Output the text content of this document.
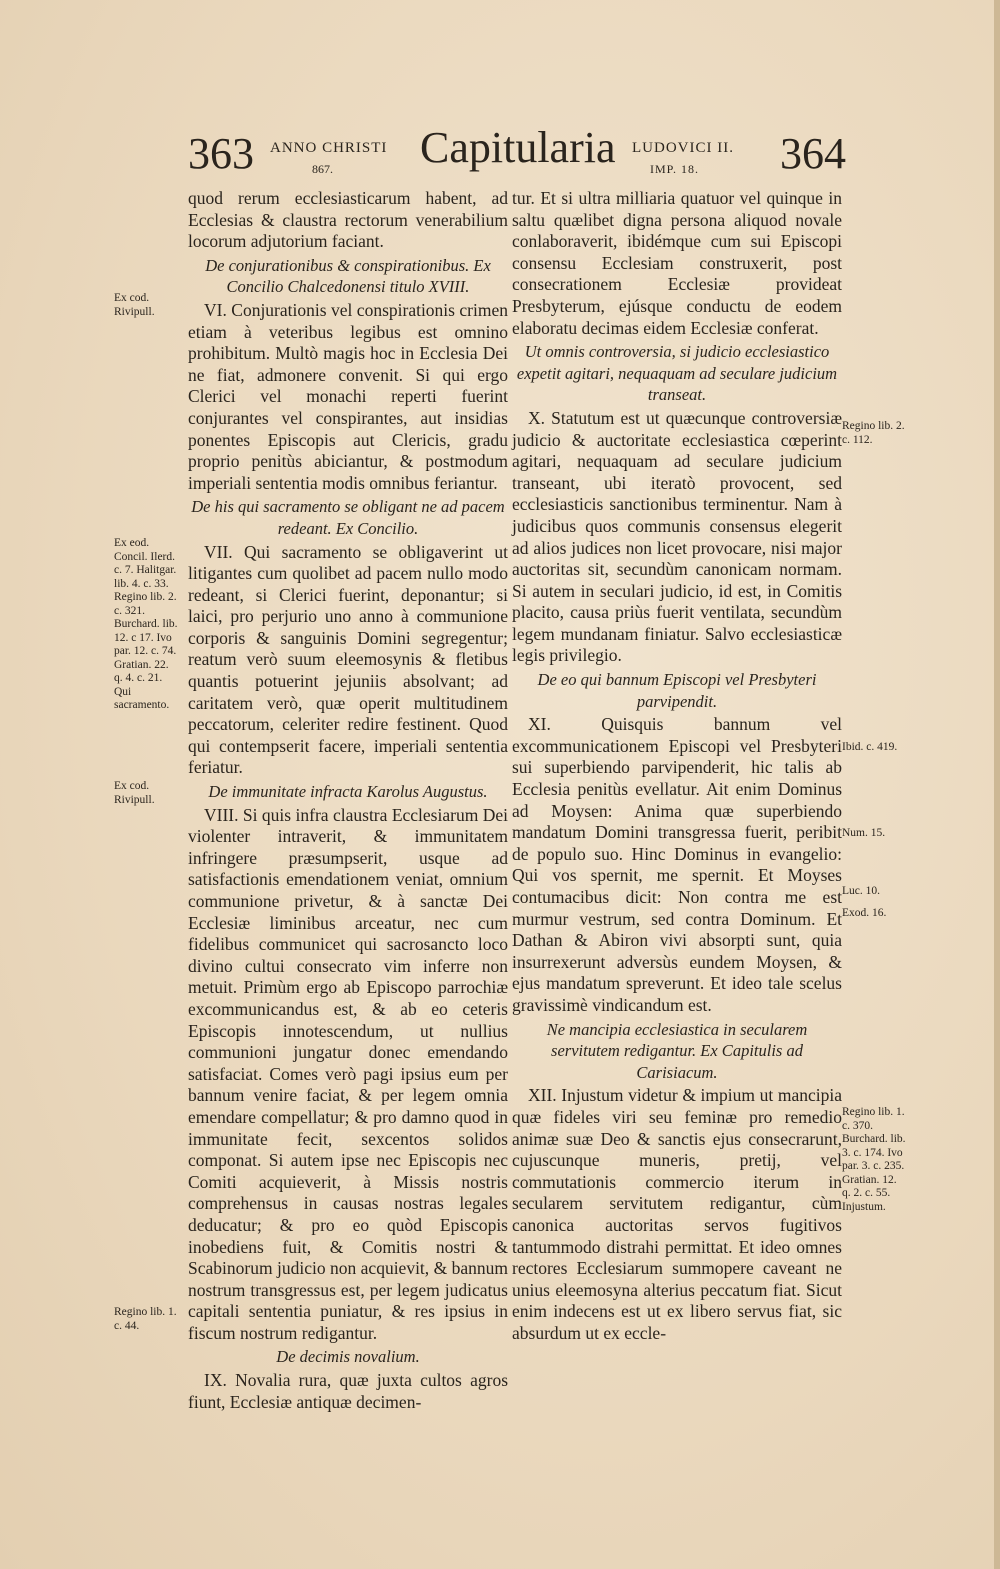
363 ANNO CHRISTI
867. Capitularia LUDOVICI II.
IMP. 18. 364

quod rerum ecclesiasticarum habent, ad Ecclesias & claustra rectorum venerabilium locorum adjutorium faciant.

De conjurationibus & conspirationibus. Ex Concilio Chalcedonensi titulo XVIII.

VI. Conjurationis vel conspirationis crimen etiam à veteribus legibus est omnino prohibitum. Multò magis hoc in Ecclesia Dei ne fiat, admonere convenit. Si qui ergo Clerici vel monachi reperti fuerint conjurantes vel conspirantes, aut insidias ponentes Episcopis aut Clericis, gradu proprio penitùs abiciantur, & postmodum imperiali sententia modis omnibus feriantur.

De his qui sacramento se obligant ne ad pacem redeant. Ex Concilio.

VII. Qui sacramento se obligaverint ut litigantes cum quolibet ad pacem nullo modo redeant, si Clerici fuerint, deponantur; si laici, pro perjurio uno anno à communione corporis & sanguinis Domini segregentur; reatum verò suum eleemosynis & fletibus quantis potuerint jejuniis absolvant; ad caritatem verò, quæ operit multitudinem peccatorum, celeriter redire festinent. Quod qui contempserit facere, imperiali sententia feriatur.

De immunitate infracta Karolus Augustus.

VIII. Si quis infra claustra Ecclesiarum Dei violenter intraverit, & immunitatem infringere præsumpserit, usque ad satisfactionis emendationem veniat, omnium communione privetur, & à sanctæ Dei Ecclesiæ liminibus arceatur, nec cum fidelibus communicet qui sacrosancto loco divino cultui consecrato vim inferre non metuit. Primùm ergo ab Episcopo parrochiæ excommunicandus est, & ab eo ceteris Episcopis innotescendum, ut nullius communioni jungatur donec emendando satisfaciat. Comes verò pagi ipsius eum per bannum venire faciat, & per legem omnia emendare compellatur; & pro damno quod in immunitate fecit, sexcentos solidos componat. Si autem ipse nec Episcopis nec Comiti acquieverit, à Missis nostris comprehensus in causas nostras legales deducatur; & pro eo quòd Episcopis inobediens fuit, & Comitis nostri & Scabinorum judicio non acquievit, & bannum nostrum transgressus est, per legem judicatus capitali sententia puniatur, & res ipsius in fiscum nostrum redigantur.

De decimis novalium.

IX. Novalia rura, quæ juxta cultos agros fiunt, Ecclesiæ antiquæ decimen-

tur. Et si ultra milliaria quatuor vel quinque in saltu quælibet digna persona aliquod novale conlaboraverit, ibidémque cum sui Episcopi consensu Ecclesiam construxerit, post consecrationem Ecclesiæ provideat Presbyterum, ejúsque conductu de eodem elaboratu decimas eidem Ecclesiæ conferat.

Ut omnis controversia, si judicio ecclesiastico expetit agitari, nequaquam ad seculare judicium transeat.

X. Statutum est ut quæcunque controversiæ judicio & auctoritate ecclesiastica cœperint agitari, nequaquam ad seculare judicium transeant, ubi iteratò provocent, sed ecclesiasticis sanctionibus terminentur. Nam à judicibus quos communis consensus elegerit ad alios judices non licet provocare, nisi major auctoritas sit, secundùm canonicam normam. Si autem in seculari judicio, id est, in Comitis placito, causa priùs fuerit ventilata, secundùm legem mundanam finiatur. Salvo ecclesiasticæ legis privilegio.

De eo qui bannum Episcopi vel Presbyteri parvipendit.

XI. Quisquis bannum vel excommunicationem Episcopi vel Presbyteri sui superbiendo parvipenderit, hic talis ab Ecclesia penitùs evellatur. Ait enim Dominus ad Moysen: Anima quæ superbiendo mandatum Domini transgressa fuerit, peribit de populo suo. Hinc Dominus in evangelio: Qui vos spernit, me spernit. Et Moyses contumacibus dicit: Non contra me est murmur vestrum, sed contra Dominum. Et Dathan & Abiron vivi absorpti sunt, quia insurrexerunt adversùs eundem Moysen, & ejus mandatum spreverunt. Et ideo tale scelus gravissimè vindicandum est.

Ne mancipia ecclesiastica in secularem servitutem redigantur. Ex Capitulis ad Carisiacum.

XII. Injustum videtur & impium ut mancipia quæ fideles viri seu feminæ pro remedio animæ suæ Deo & sanctis ejus consecrarunt, cujuscunque muneris, pretij, vel commutationis commercio iterum in secularem servitutem redigantur, cùm canonica auctoritas servos fugitivos tantummodo distrahi permittat. Et ideo omnes rectores Ecclesiarum summopere caveant ne unius eleemosyna alterius peccatum fiat. Sicut enim indecens est ut ex libero servus fiat, sic absurdum ut ex eccle-

Ex cod. Rivipull.
Ex eod. Concil. Ilerd. c. 7. Halitgar. lib. 4. c. 33. Regino lib. 2. c. 321. Burchard. lib. 12. c 17. Ivo par. 12. c. 74. Gratian. 22. q. 4. c. 21. Qui sacramento.
Ex cod. Rivipull.
Regino lib. 1. c. 44.
Regino lib. 2. c. 112.
Ibid. c. 419.
Num. 15.
Luc. 10.
Exod. 16.
Regino lib. 1. c. 370. Burchard. lib. 3. c. 174. Ivo par. 3. c. 235. Gratian. 12. q. 2. c. 55. Injustum.
